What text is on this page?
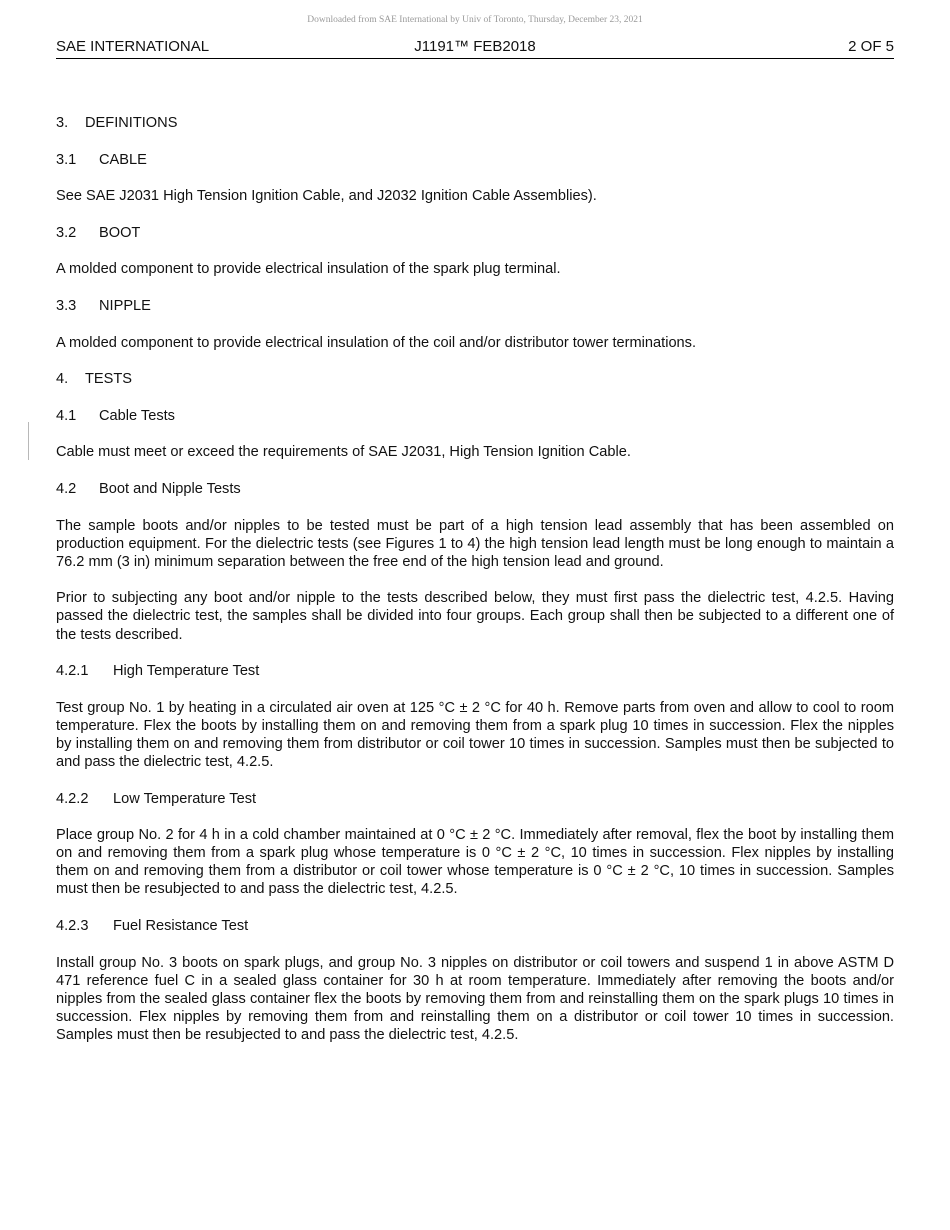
Downloaded from SAE International by Univ of Toronto, Thursday, December 23, 2021
SAE INTERNATIONAL	J1191™ FEB2018	2 OF 5
3. DEFINITIONS
3.1 CABLE

See SAE J2031 High Tension Ignition Cable, and J2032 Ignition Cable Assemblies).

3.2 BOOT

A molded component to provide electrical insulation of the spark plug terminal.

3.3 NIPPLE

A molded component to provide electrical insulation of the coil and/or distributor tower terminations.

4. TESTS
4.1 Cable Tests

Cable must meet or exceed the requirements of SAE J2031, High Tension Ignition Cable.

4.2 Boot and Nipple Tests

The sample boots and/or nipples to be tested must be part of a high tension lead assembly that has been assembled on production equipment. For the dielectric tests (see Figures 1 to 4) the high tension lead length must be long enough to maintain a 76.2 mm (3 in) minimum separation between the free end of the high tension lead and ground.

Prior to subjecting any boot and/or nipple to the tests described below, they must first pass the dielectric test, 4.2.5. Having passed the dielectric test, the samples shall be divided into four groups. Each group shall then be subjected to a different one of the tests described.

4.2.1 High Temperature Test

Test group No. 1 by heating in a circulated air oven at 125 °C ± 2 °C for 40 h. Remove parts from oven and allow to cool to room temperature. Flex the boots by installing them on and removing them from a spark plug 10 times in succession. Flex the nipples by installing them on and removing them from distributor or coil tower 10 times in succession. Samples must then be subjected to and pass the dielectric test, 4.2.5.

4.2.2 Low Temperature Test

Place group No. 2 for 4 h in a cold chamber maintained at 0 °C ± 2 °C. Immediately after removal, flex the boot by installing them on and removing them from a spark plug whose temperature is 0 °C ± 2 °C, 10 times in succession. Flex nipples by installing them on and removing them from a distributor or coil tower whose temperature is 0 °C ± 2 °C, 10 times in succession. Samples must then be resubjected to and pass the dielectric test, 4.2.5.

4.2.3 Fuel Resistance Test

Install group No. 3 boots on spark plugs, and group No. 3 nipples on distributor or coil towers and suspend 1 in above ASTM D 471 reference fuel C in a sealed glass container for 30 h at room temperature. Immediately after removing the boots and/or nipples from the sealed glass container flex the boots by removing them from and reinstalling them on the spark plugs 10 times in succession. Flex nipples by removing them from and reinstalling them on a distributor or coil tower 10 times in succession. Samples must then be resubjected to and pass the dielectric test, 4.2.5.
